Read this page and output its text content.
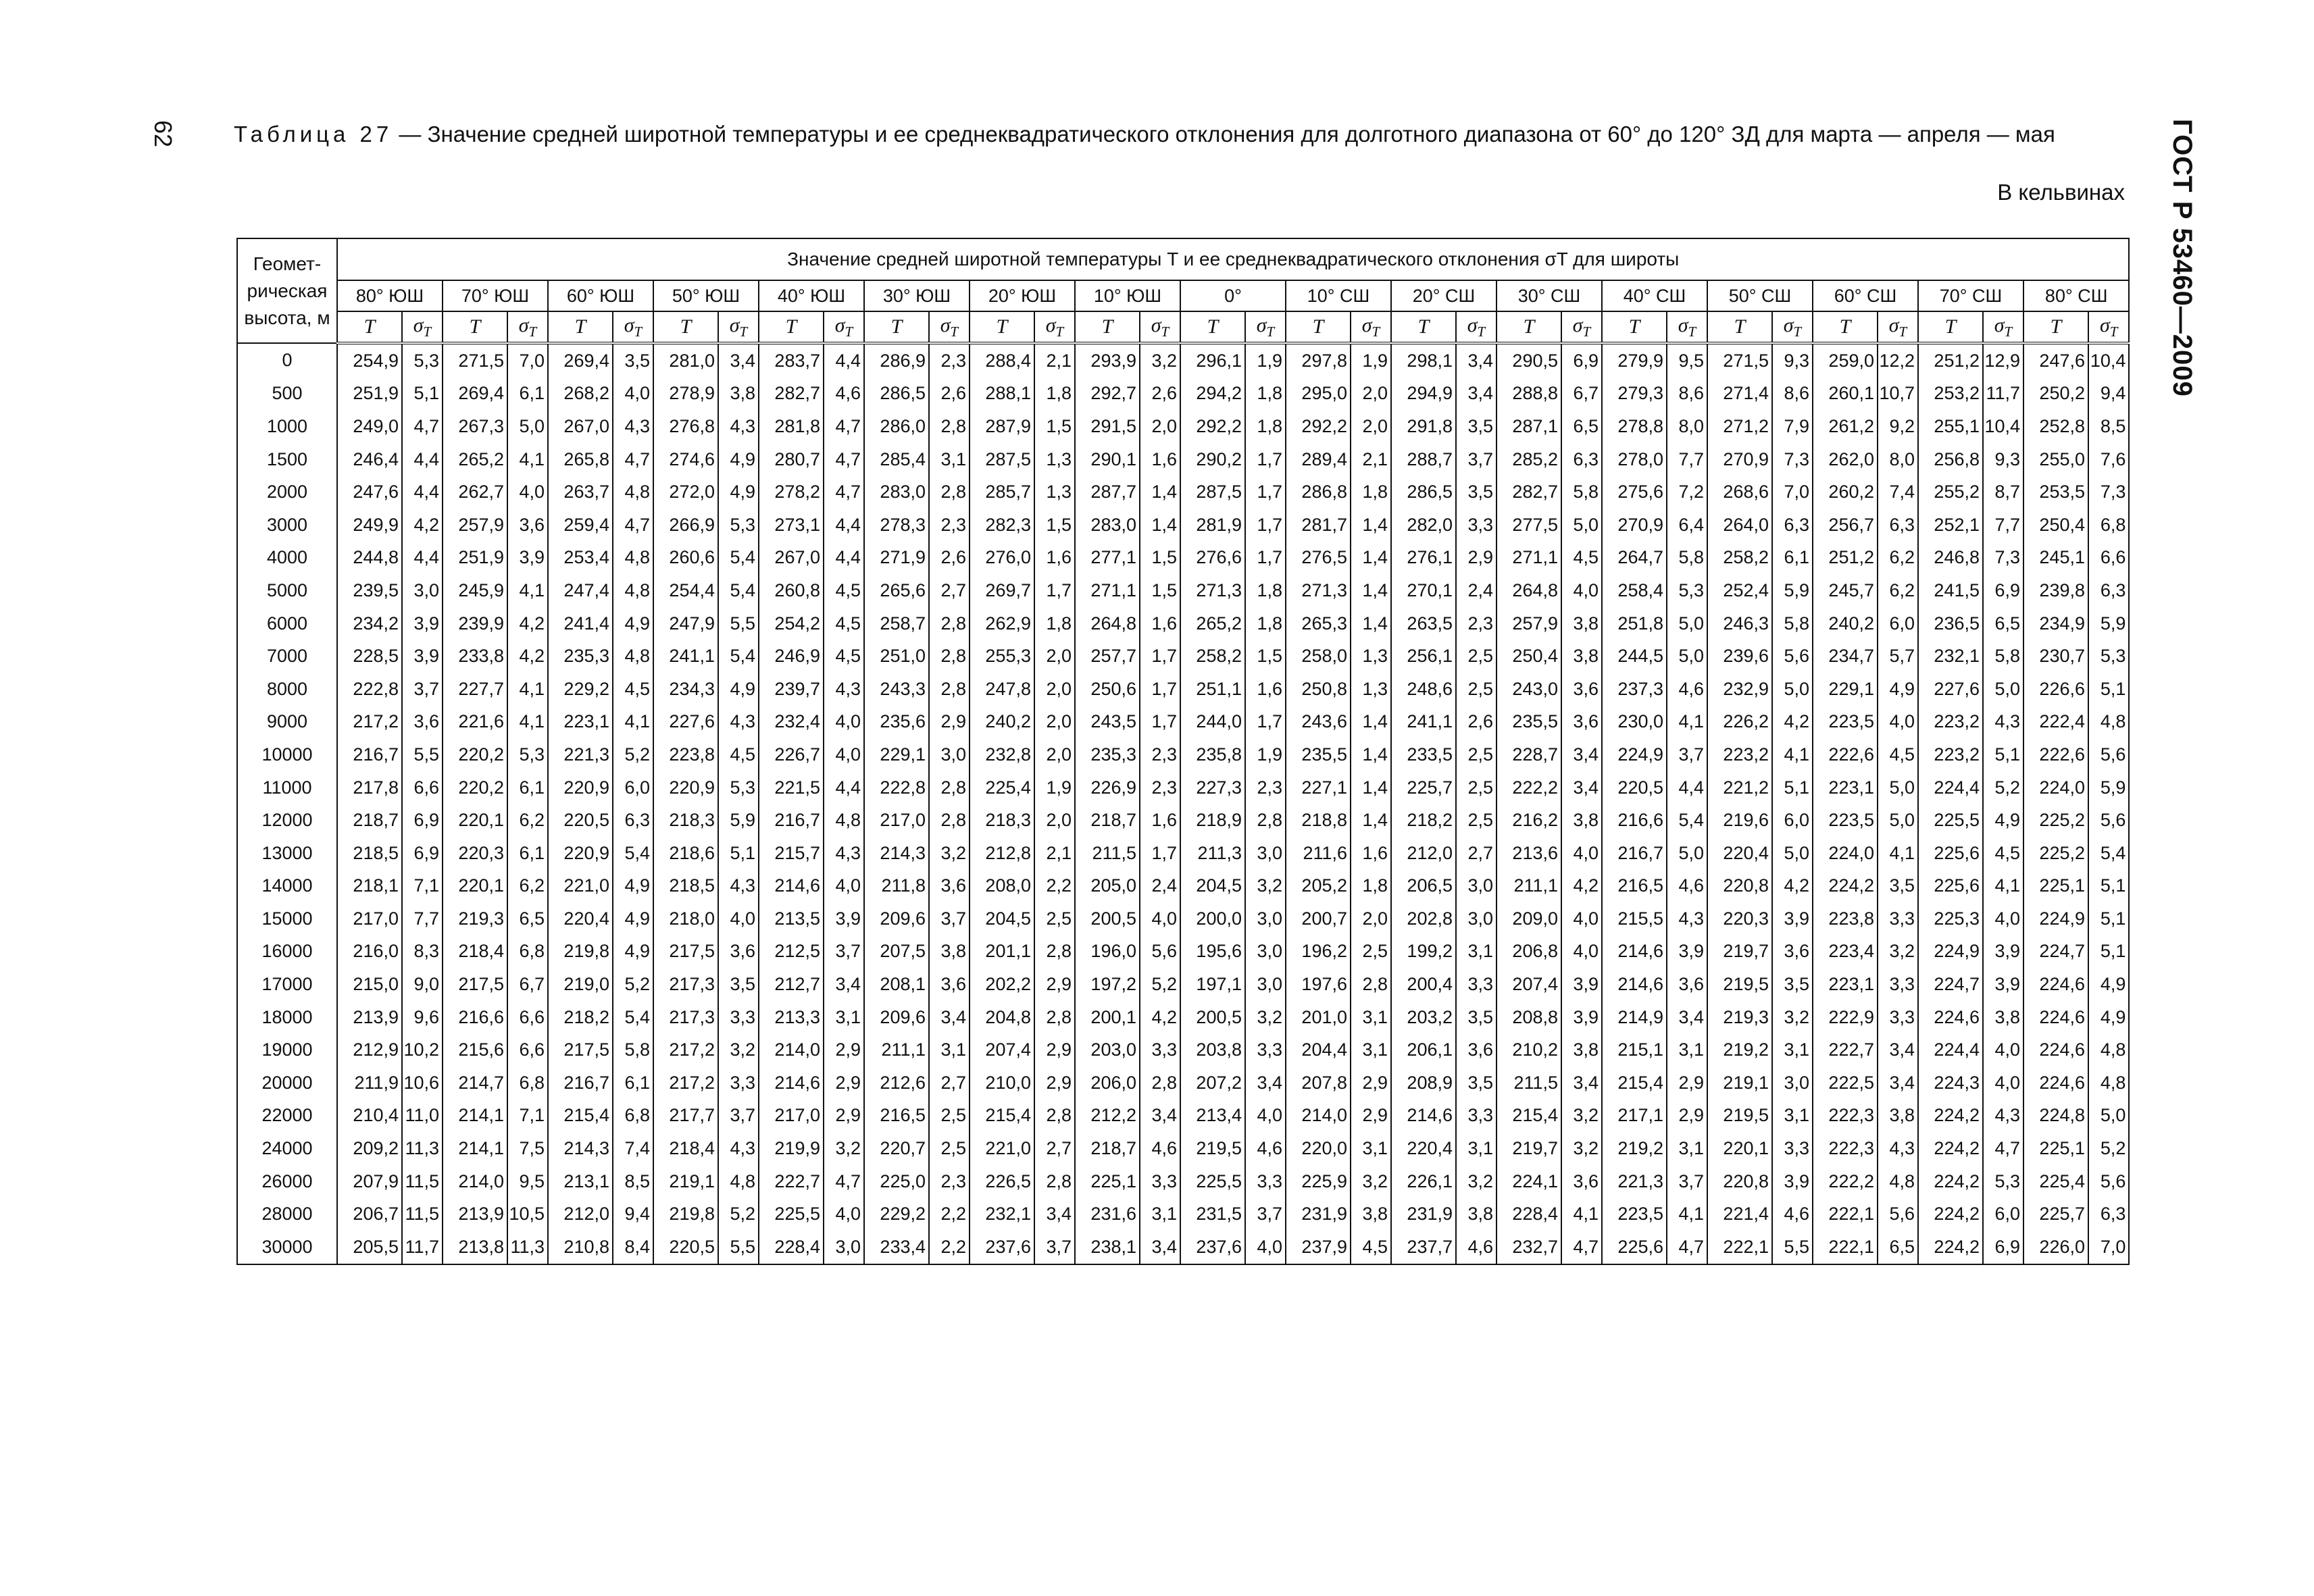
62	ГОСТ Р 53460—2009
Таблица 27 — Значение средней широтной температуры и ее среднеквадратического отклонения для долготного диапазона от 60° до 120° ЗД для марта — апреля — мая
В кельвинах
Геомет-
рическая
высота, м	Значение средней широтной температуры T и ее среднеквадратического отклонения σT для широты																																	
	80° ЮШ		70° ЮШ		60° ЮШ		50° ЮШ		40° ЮШ		30° ЮШ		20° ЮШ		10° ЮШ		0°		10° СШ		20° СШ		30° СШ		40° СШ		50° СШ		60° СШ		70° СШ		80° СШ	
	T	$\sigma_T$	T	$\sigma_T$	T	$\sigma_T$	T	$\sigma_T$	T	$\sigma_T$	T	$\sigma_T$	T	$\sigma_T$	T	$\sigma_T$	T	$\sigma_T$	T	$\sigma_T$	T	$\sigma_T$	T	$\sigma_T$	T	$\sigma_T$	T	$\sigma_T$	T	$\sigma_T$	T	$\sigma_T$	T	$\sigma_T$
0	254,9	5,3	271,5	7,0	269,4	3,5	281,0	3,4	283,7	4,4	286,9	2,3	288,4	2,1	293,9	3,2	296,1	1,9	297,8	1,9	298,1	3,4	290,5	6,9	279,9	9,5	271,5	9,3	259,0	12,2	251,2	12,9	247,6	10,4
500	251,9	5,1	269,4	6,1	268,2	4,0	278,9	3,8	282,7	4,6	286,5	2,6	288,1	1,8	292,7	2,6	294,2	1,8	295,0	2,0	294,9	3,4	288,8	6,7	279,3	8,6	271,4	8,6	260,1	10,7	253,2	11,7	250,2	9,4
1000	249,0	4,7	267,3	5,0	267,0	4,3	276,8	4,3	281,8	4,7	286,0	2,8	287,9	1,5	291,5	2,0	292,2	1,8	292,2	2,0	291,8	3,5	287,1	6,5	278,8	8,0	271,2	7,9	261,2	9,2	255,1	10,4	252,8	8,5
1500	246,4	4,4	265,2	4,1	265,8	4,7	274,6	4,9	280,7	4,7	285,4	3,1	287,5	1,3	290,1	1,6	290,2	1,7	289,4	2,1	288,7	3,7	285,2	6,3	278,0	7,7	270,9	7,3	262,0	8,0	256,8	9,3	255,0	7,6
2000	247,6	4,4	262,7	4,0	263,7	4,8	272,0	4,9	278,2	4,7	283,0	2,8	285,7	1,3	287,7	1,4	287,5	1,7	286,8	1,8	286,5	3,5	282,7	5,8	275,6	7,2	268,6	7,0	260,2	7,4	255,2	8,7	253,5	7,3
3000	249,9	4,2	257,9	3,6	259,4	4,7	266,9	5,3	273,1	4,4	278,3	2,3	282,3	1,5	283,0	1,4	281,9	1,7	281,7	1,4	282,0	3,3	277,5	5,0	270,9	6,4	264,0	6,3	256,7	6,3	252,1	7,7	250,4	6,8
4000	244,8	4,4	251,9	3,9	253,4	4,8	260,6	5,4	267,0	4,4	271,9	2,6	276,0	1,6	277,1	1,5	276,6	1,7	276,5	1,4	276,1	2,9	271,1	4,5	264,7	5,8	258,2	6,1	251,2	6,2	246,8	7,3	245,1	6,6
5000	239,5	3,0	245,9	4,1	247,4	4,8	254,4	5,4	260,8	4,5	265,6	2,7	269,7	1,7	271,1	1,5	271,3	1,8	271,3	1,4	270,1	2,4	264,8	4,0	258,4	5,3	252,4	5,9	245,7	6,2	241,5	6,9	239,8	6,3
6000	234,2	3,9	239,9	4,2	241,4	4,9	247,9	5,5	254,2	4,5	258,7	2,8	262,9	1,8	264,8	1,6	265,2	1,8	265,3	1,4	263,5	2,3	257,9	3,8	251,8	5,0	246,3	5,8	240,2	6,0	236,5	6,5	234,9	5,9
7000	228,5	3,9	233,8	4,2	235,3	4,8	241,1	5,4	246,9	4,5	251,0	2,8	255,3	2,0	257,7	1,7	258,2	1,5	258,0	1,3	256,1	2,5	250,4	3,8	244,5	5,0	239,6	5,6	234,7	5,7	232,1	5,8	230,7	5,3
8000	222,8	3,7	227,7	4,1	229,2	4,5	234,3	4,9	239,7	4,3	243,3	2,8	247,8	2,0	250,6	1,7	251,1	1,6	250,8	1,3	248,6	2,5	243,0	3,6	237,3	4,6	232,9	5,0	229,1	4,9	227,6	5,0	226,6	5,1
9000	217,2	3,6	221,6	4,1	223,1	4,1	227,6	4,3	232,4	4,0	235,6	2,9	240,2	2,0	243,5	1,7	244,0	1,7	243,6	1,4	241,1	2,6	235,5	3,6	230,0	4,1	226,2	4,2	223,5	4,0	223,2	4,3	222,4	4,8
10000	216,7	5,5	220,2	5,3	221,3	5,2	223,8	4,5	226,7	4,0	229,1	3,0	232,8	2,0	235,3	2,3	235,8	1,9	235,5	1,4	233,5	2,5	228,7	3,4	224,9	3,7	223,2	4,1	222,6	4,5	223,2	5,1	222,6	5,6
11000	217,8	6,6	220,2	6,1	220,9	6,0	220,9	5,3	221,5	4,4	222,8	2,8	225,4	1,9	226,9	2,3	227,3	2,3	227,1	1,4	225,7	2,5	222,2	3,4	220,5	4,4	221,2	5,1	223,1	5,0	224,4	5,2	224,0	5,9
12000	218,7	6,9	220,1	6,2	220,5	6,3	218,3	5,9	216,7	4,8	217,0	2,8	218,3	2,0	218,7	1,6	218,9	2,8	218,8	1,4	218,2	2,5	216,2	3,8	216,6	5,4	219,6	6,0	223,5	5,0	225,5	4,9	225,2	5,6
13000	218,5	6,9	220,3	6,1	220,9	5,4	218,6	5,1	215,7	4,3	214,3	3,2	212,8	2,1	211,5	1,7	211,3	3,0	211,6	1,6	212,0	2,7	213,6	4,0	216,7	5,0	220,4	5,0	224,0	4,1	225,6	4,5	225,2	5,4
14000	218,1	7,1	220,1	6,2	221,0	4,9	218,5	4,3	214,6	4,0	211,8	3,6	208,0	2,2	205,0	2,4	204,5	3,2	205,2	1,8	206,5	3,0	211,1	4,2	216,5	4,6	220,8	4,2	224,2	3,5	225,6	4,1	225,1	5,1
15000	217,0	7,7	219,3	6,5	220,4	4,9	218,0	4,0	213,5	3,9	209,6	3,7	204,5	2,5	200,5	4,0	200,0	3,0	200,7	2,0	202,8	3,0	209,0	4,0	215,5	4,3	220,3	3,9	223,8	3,3	225,3	4,0	224,9	5,1
16000	216,0	8,3	218,4	6,8	219,8	4,9	217,5	3,6	212,5	3,7	207,5	3,8	201,1	2,8	196,0	5,6	195,6	3,0	196,2	2,5	199,2	3,1	206,8	4,0	214,6	3,9	219,7	3,6	223,4	3,2	224,9	3,9	224,7	5,1
17000	215,0	9,0	217,5	6,7	219,0	5,2	217,3	3,5	212,7	3,4	208,1	3,6	202,2	2,9	197,2	5,2	197,1	3,0	197,6	2,8	200,4	3,3	207,4	3,9	214,6	3,6	219,5	3,5	223,1	3,3	224,7	3,9	224,6	4,9
18000	213,9	9,6	216,6	6,6	218,2	5,4	217,3	3,3	213,3	3,1	209,6	3,4	204,8	2,8	200,1	4,2	200,5	3,2	201,0	3,1	203,2	3,5	208,8	3,9	214,9	3,4	219,3	3,2	222,9	3,3	224,6	3,8	224,6	4,9
19000	212,9	10,2	215,6	6,6	217,5	5,8	217,2	3,2	214,0	2,9	211,1	3,1	207,4	2,9	203,0	3,3	203,8	3,3	204,4	3,1	206,1	3,6	210,2	3,8	215,1	3,1	219,2	3,1	222,7	3,4	224,4	4,0	224,6	4,8
20000	211,9	10,6	214,7	6,8	216,7	6,1	217,2	3,3	214,6	2,9	212,6	2,7	210,0	2,9	206,0	2,8	207,2	3,4	207,8	2,9	208,9	3,5	211,5	3,4	215,4	2,9	219,1	3,0	222,5	3,4	224,3	4,0	224,6	4,8
22000	210,4	11,0	214,1	7,1	215,4	6,8	217,7	3,7	217,0	2,9	216,5	2,5	215,4	2,8	212,2	3,4	213,4	4,0	214,0	2,9	214,6	3,3	215,4	3,2	217,1	2,9	219,5	3,1	222,3	3,8	224,2	4,3	224,8	5,0
24000	209,2	11,3	214,1	7,5	214,3	7,4	218,4	4,3	219,9	3,2	220,7	2,5	221,0	2,7	218,7	4,6	219,5	4,6	220,0	3,1	220,4	3,1	219,7	3,2	219,2	3,1	220,1	3,3	222,3	4,3	224,2	4,7	225,1	5,2
26000	207,9	11,5	214,0	9,5	213,1	8,5	219,1	4,8	222,7	4,7	225,0	2,3	226,5	2,8	225,1	3,3	225,5	3,3	225,9	3,2	226,1	3,2	224,1	3,6	221,3	3,7	220,8	3,9	222,2	4,8	224,2	5,3	225,4	5,6
28000	206,7	11,5	213,9	10,5	212,0	9,4	219,8	5,2	225,5	4,0	229,2	2,2	232,1	3,4	231,6	3,1	231,5	3,7	231,9	3,8	231,9	3,8	228,4	4,1	223,5	4,1	221,4	4,6	222,1	5,6	224,2	6,0	225,7	6,3
30000	205,5	11,7	213,8	11,3	210,8	8,4	220,5	5,5	228,4	3,0	233,4	2,2	237,6	3,7	238,1	3,4	237,6	4,0	237,9	4,5	237,7	4,6	232,7	4,7	225,6	4,7	222,1	5,5	222,1	6,5	224,2	6,9	226,0	7,0
